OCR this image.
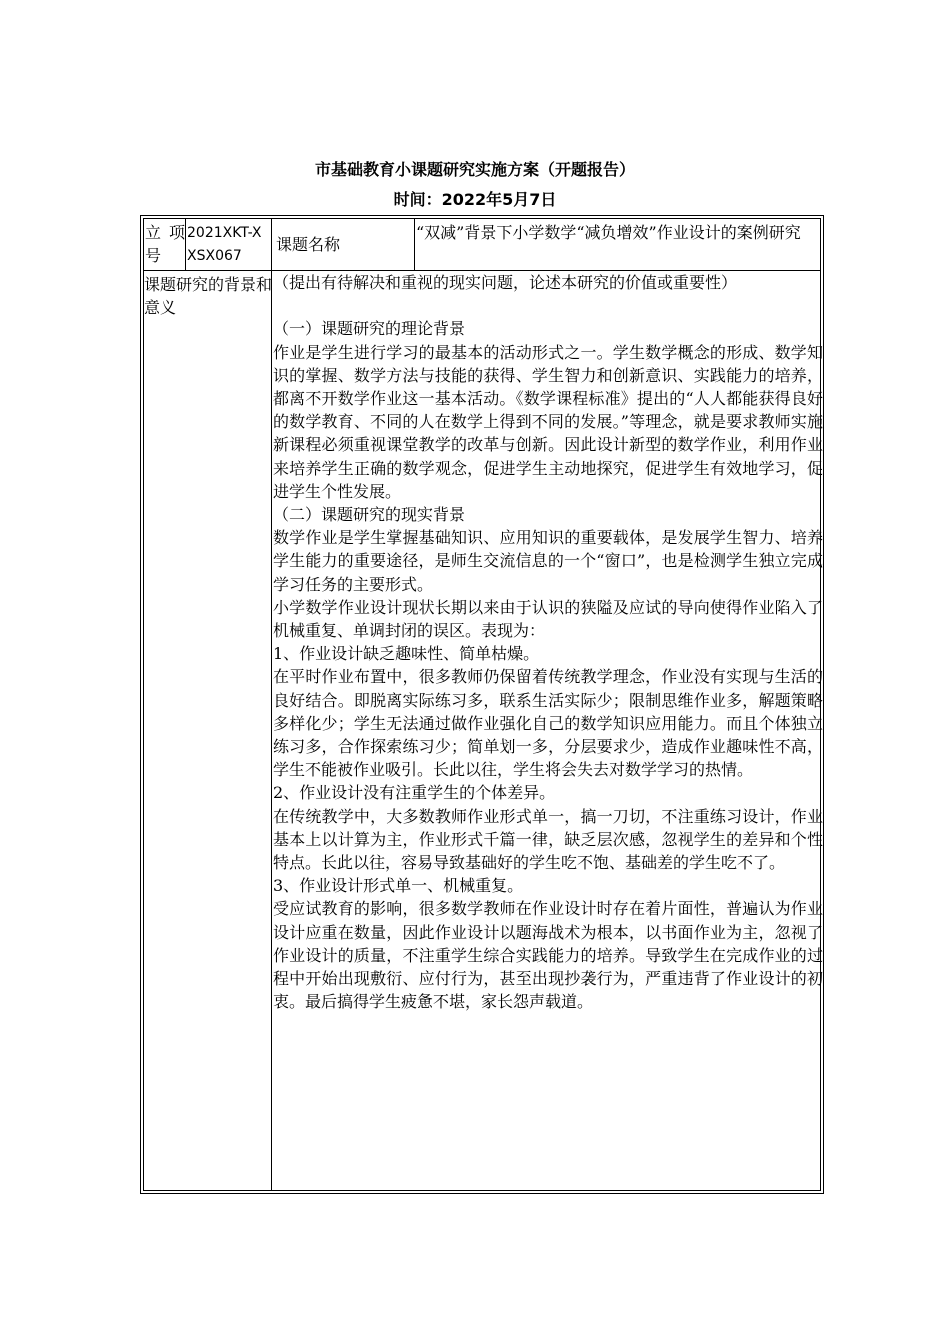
市基础教育小课题研究实施方案（开题报告）
时间：2022年5月7日
立 项号
2021XKT-XXSX067
课题名称
“双减”背景下小学数学“减负增效”作业设计的案例研究
课题研究的背景和意义

（提出有待解决和重视的现实问题，论述本研究的价值或重要性）

（一）课题研究的理论背景

作业是学生进行学习的最基本的活动形式之一。学生数学概念的形成、数学知识的掌握、数学方法与技能的获得、学生智力和创新意识、实践能力的培养，都离不开数学作业这一基本活动。《数学课程标准》提出的“人人都能获得良好的数学教育、不同的人在数学上得到不同的发展。”等理念，就是要求教师实施新课程必须重视课堂教学的改革与创新。因此设计新型的数学作业，利用作业来培养学生正确的数学观念，促进学生主动地探究，促进学生有效地学习，促进学生个性发展。

（二）课题研究的现实背景

数学作业是学生掌握基础知识、应用知识的重要载体，是发展学生智力、培养学生能力的重要途径，是师生交流信息的一个“窗口”，也是检测学生独立完成学习任务的主要形式。

小学数学作业设计现状长期以来由于认识的狭隘及应试的导向使得作业陷入了机械重复、单调封闭的误区。表现为：

1、作业设计缺乏趣味性、简单枯燥。

在平时作业布置中，很多教师仍保留着传统教学理念，作业没有实现与生活的良好结合。即脱离实际练习多，联系生活实际少；限制思维作业多，解题策略多样化少；学生无法通过做作业强化自己的数学知识应用能力。而且个体独立练习多，合作探索练习少；简单划一多，分层要求少，造成作业趣味性不高，学生不能被作业吸引。长此以往，学生将会失去对数学学习的热情。

2、作业设计没有注重学生的个体差异。

在传统教学中，大多数教师作业形式单一，搞一刀切，不注重练习设计，作业基本上以计算为主，作业形式千篇一律，缺乏层次感，忽视学生的差异和个性特点。长此以往，容易导致基础好的学生吃不饱、基础差的学生吃不了。

3、作业设计形式单一、机械重复。

受应试教育的影响，很多数学教师在作业设计时存在着片面性，普遍认为作业设计应重在数量，因此作业设计以题海战术为根本，以书面作业为主，忽视了作业设计的质量，不注重学生综合实践能力的培养。导致学生在完成作业的过程中开始出现敷衍、应付行为，甚至出现抄袭行为，严重违背了作业设计的初衷。最后搞得学生疲惫不堪，家长怨声载道。
